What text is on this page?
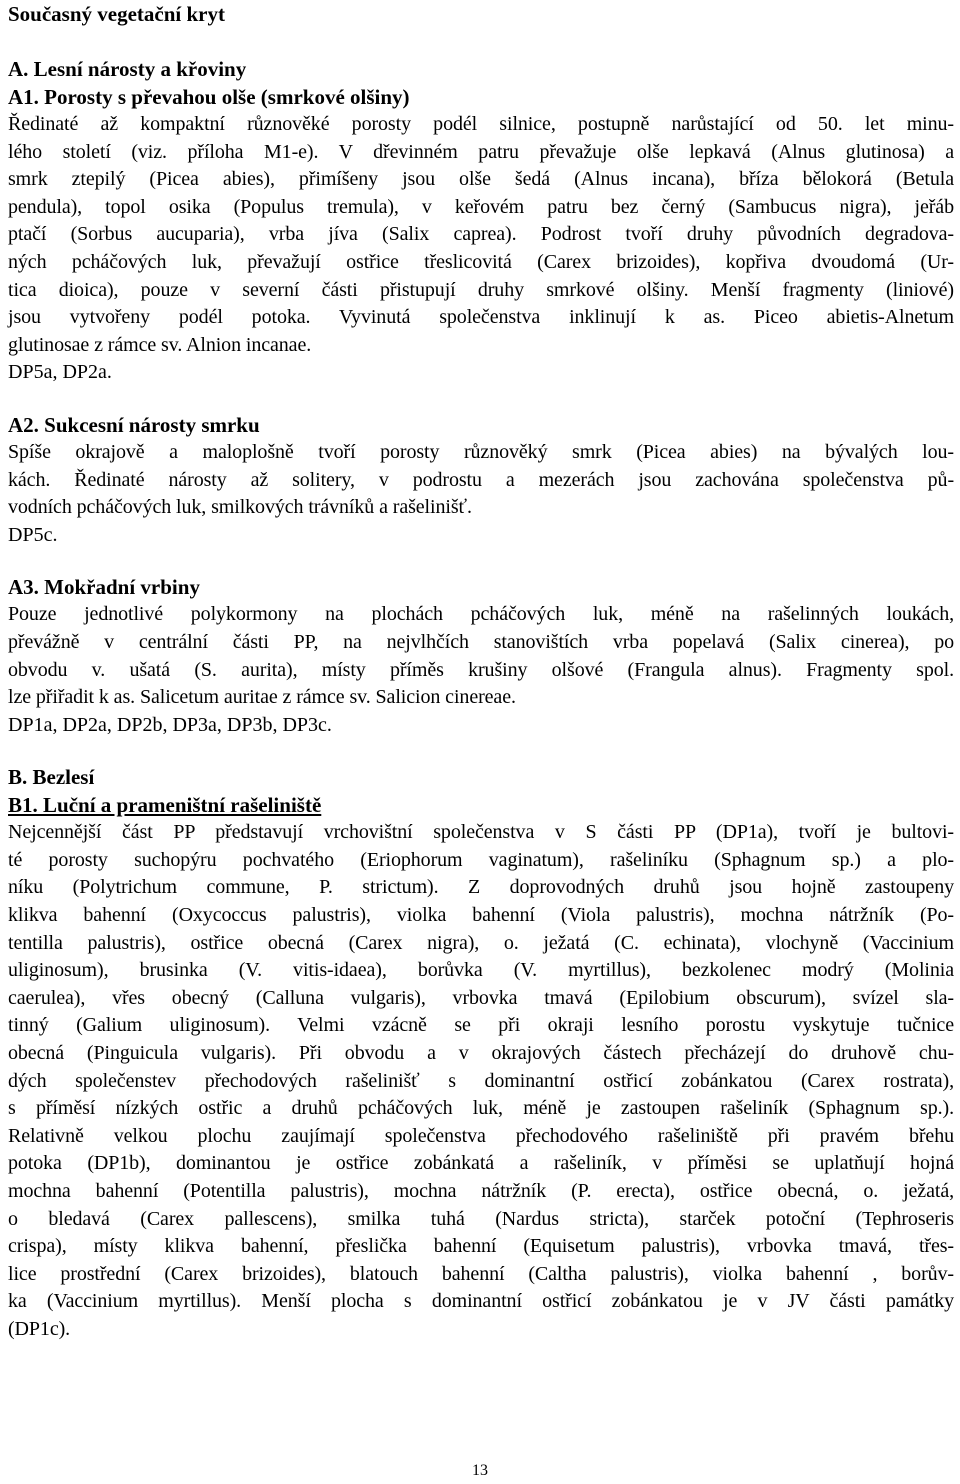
Současný vegetační kryt
A. Lesní nárosty a křoviny
A1. Porosty s převahou olše (smrkové olšiny)
Ředinaté až kompaktní různověké porosty podél silnice, postupně narůstající od 50. let minu-
lého století (viz. příloha M1-e). V dřevinném patru převažuje olše lepkavá (Alnus glutinosa) a
smrk ztepilý (Picea abies), přimíšeny jsou olše šedá (Alnus incana), bříza bělokorá (Betula
pendula), topol osika (Populus tremula), v keřovém patru bez černý (Sambucus nigra), jeřáb
ptačí (Sorbus aucuparia), vrba jíva (Salix caprea). Podrost tvoří druhy původních degradova-
ných pcháčových luk, převažují ostřice třeslicovitá (Carex brizoides), kopřiva dvoudomá (Ur-
tica dioica), pouze v severní části přistupují druhy smrkové olšiny. Menší fragmenty (liniové)
jsou vytvořeny podél potoka. Vyvinutá společenstva inklinují k as. Piceo abietis-Alnetum
glutinosae z rámce sv. Alnion incanae.

DP5a, DP2a.

A2. Sukcesní nárosty smrku
Spíše okrajově a maloplošně tvoří porosty různověký smrk (Picea abies) na bývalých lou-
kách. Ředinaté nárosty až solitery, v podrostu a mezerách jsou zachována společenstva pů-
vodních pcháčových luk, smilkových trávníků a rašelinišť.

DP5c.

A3. Mokřadní vrbiny
Pouze jednotlivé polykormony na plochách pcháčových luk, méně na rašelinných loukách,
převážně v centrální části PP, na nejvlhčích stanovištích vrba popelavá (Salix cinerea), po
obvodu v. ušatá (S. aurita), místy příměs krušiny olšové (Frangula alnus). Fragmenty spol.
lze přiřadit k as. Salicetum auritae z rámce sv. Salicion cinereae.

DP1a, DP2a, DP2b, DP3a, DP3b, DP3c.

B. Bezlesí
B1. Luční a prameništní rašeliniště
Nejcennější část PP představují vrchovištní společenstva v S části PP (DP1a), tvoří je bultovi-
té porosty suchopýru pochvatého (Eriophorum vaginatum), rašeliníku (Sphagnum sp.) a plo-
níku (Polytrichum commune, P. strictum). Z doprovodných druhů jsou hojně zastoupeny
klikva bahenní (Oxycoccus palustris), violka bahenní (Viola palustris), mochna nátržník (Po-
tentilla palustris), ostřice obecná (Carex nigra), o. ježatá (C. echinata), vlochyně (Vaccinium
uliginosum), brusinka (V. vitis-idaea), borůvka (V. myrtillus), bezkolenec modrý (Molinia
caerulea), vřes obecný (Calluna vulgaris), vrbovka tmavá (Epilobium obscurum), svízel sla-
tinný (Galium uliginosum). Velmi vzácně se při okraji lesního porostu vyskytuje tučnice
obecná (Pinguicula vulgaris). Při obvodu a v okrajových částech přecházejí do druhově chu-
dých společenstev přechodových rašelinišť s dominantní ostřicí zobánkatou (Carex rostrata),
s příměsí nízkých ostřic a druhů pcháčových luk, méně je zastoupen rašeliník (Sphagnum sp.).
Relativně velkou plochu zaujímají společenstva přechodového rašeliniště při pravém břehu
potoka (DP1b), dominantou je ostřice zobánkatá a rašeliník, v příměsi se uplatňují hojná
mochna bahenní (Potentilla palustris), mochna nátržník (P. erecta), ostřice obecná, o. ježatá,
o bledavá (Carex pallescens), smilka tuhá (Nardus stricta), starček potoční (Tephroseris
crispa), místy klikva bahenní, přeslička bahenní (Equisetum palustris), vrbovka tmavá, třes-
lice prostřední (Carex brizoides), blatouch bahenní (Caltha palustris), violka bahenní , borův-
ka (Vaccinium myrtillus). Menší plocha s dominantní ostřicí zobánkatou je v JV části památky
(DP1c).
13
